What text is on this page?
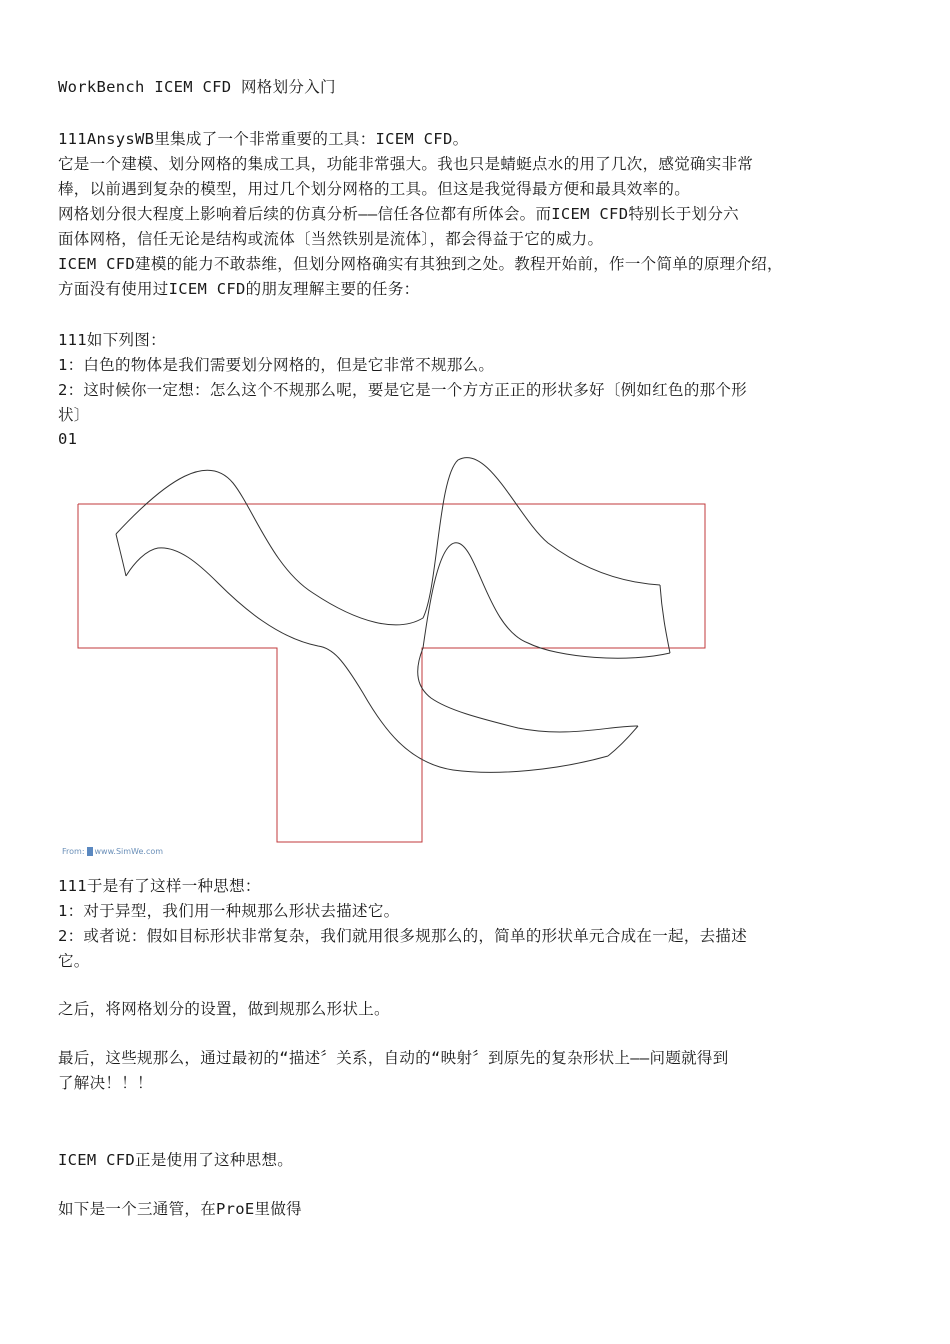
WorkBench ICEM CFD 网格划分入门
111AnsysWB里集成了一个非常重要的工具：ICEM CFD。
它是一个建模、划分网格的集成工具，功能非常强大。我也只是蜻蜓点水的用了几次，感觉确实非常
棒，以前遇到复杂的模型，用过几个划分网格的工具。但这是我觉得最方便和最具效率的。
网格划分很大程度上影响着后续的仿真分析——信任各位都有所体会。而ICEM CFD特别长于划分六
面体网格，信任无论是结构或流体〔当然铁别是流体〕，都会得益于它的威力。
ICEM CFD建模的能力不敢恭维，但划分网格确实有其独到之处。教程开始前，作一个简单的原理介绍，
方面没有使用过ICEM CFD的朋友理解主要的任务：
111如下列图：
1：白色的物体是我们需要划分网格的，但是它非常不规那么。
2：这时候你一定想：怎么这个不规那么呢，要是它是一个方方正正的形状多好〔例如红色的那个形
状〕
01
From: www.SimWe.com
111于是有了这样一种思想：
1：对于异型，我们用一种规那么形状去描述它。
2：或者说：假如目标形状非常复杂，我们就用很多规那么的，简单的形状单元合成在一起，去描述
它。
之后，将网格划分的设置，做到规那么形状上。
最后，这些规那么，通过最初的“描述〞关系，自动的“映射〞到原先的复杂形状上——问题就得到
了解决！！！
ICEM CFD正是使用了这种思想。
如下是一个三通管，在ProE里做得
